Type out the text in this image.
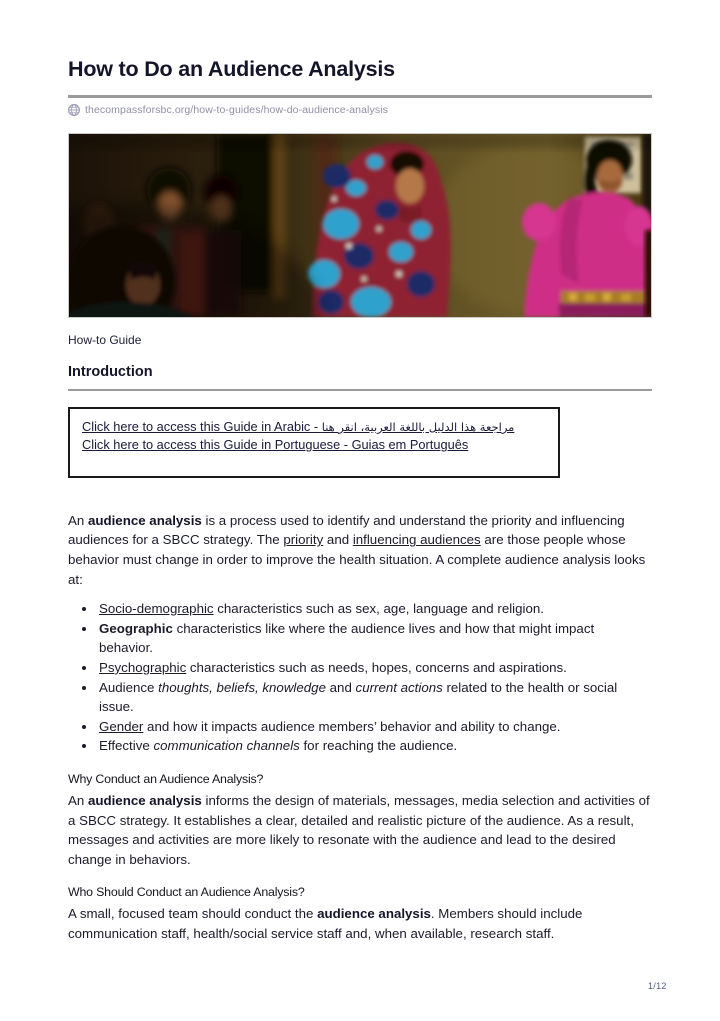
How to Do an Audience Analysis
thecompassforsbc.org/how-to-guides/how-do-audience-analysis
How-to Guide
Introduction
Click here to access this Guide in Arabic - مراجعة هذا الدليل باللغة العربية، انقر هنا
Click here to access this Guide in Portuguese - Guias em Português

An audience analysis is a process used to identify and understand the priority and influencing audiences for a SBCC strategy. The priority and influencing audiences are those people whose behavior must change in order to improve the health situation. A complete audience analysis looks at:

• Socio-demographic characteristics such as sex, age, language and religion.
• Geographic characteristics like where the audience lives and how that might impact behavior.
• Psychographic characteristics such as needs, hopes, concerns and aspirations.
• Audience thoughts, beliefs, knowledge and current actions related to the health or social issue.
• Gender and how it impacts audience members’ behavior and ability to change.
• Effective communication channels for reaching the audience.
Why Conduct an Audience Analysis?

An audience analysis informs the design of materials, messages, media selection and activities of a SBCC strategy. It establishes a clear, detailed and realistic picture of the audience. As a result, messages and activities are more likely to resonate with the audience and lead to the desired change in behaviors.

Who Should Conduct an Audience Analysis?

A small, focused team should conduct the audience analysis. Members should include communication staff, health/social service staff and, when available, research staff.

1/12
